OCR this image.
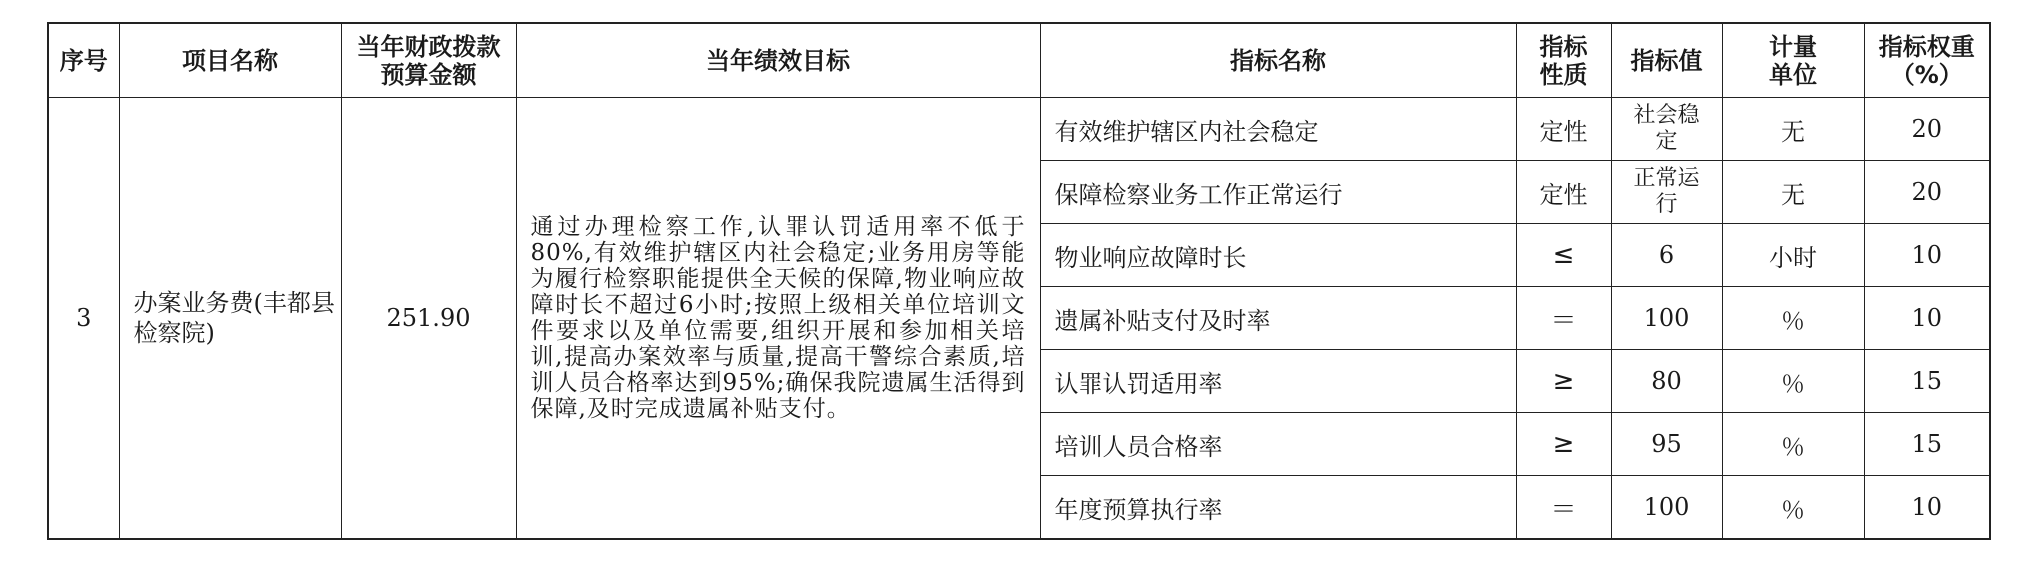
序号	项目名称	当年财政拨款预算金额	当年绩效目标	指标名称	指标性质	指标值	计量单位	指标权重（%）
3	办案业务费(丰都县检察院)	251.90	通过办理检察工作,认罪认罚适用率不低于80%,有效维护辖区内社会稳定;业务用房等能为履行检察职能提供全天候的保障,物业响应故障时长不超过6小时;按照上级相关单位培训文件要求以及单位需要,组织开展和参加相关培训,提高办案效率与质量,提高干警综合素质,培训人员合格率达到95%;确保我院遗属生活得到保障,及时完成遗属补贴支付。	有效维护辖区内社会稳定	定性	社会稳定	无	20
				保障检察业务工作正常运行	定性	正常运行	无	20
				物业响应故障时长	≤	6	小时	10
				遗属补贴支付及时率	＝	100	％	10
				认罪认罚适用率	≥	80	％	15
				培训人员合格率	≥	95	％	15
				年度预算执行率	＝	100	％	10
